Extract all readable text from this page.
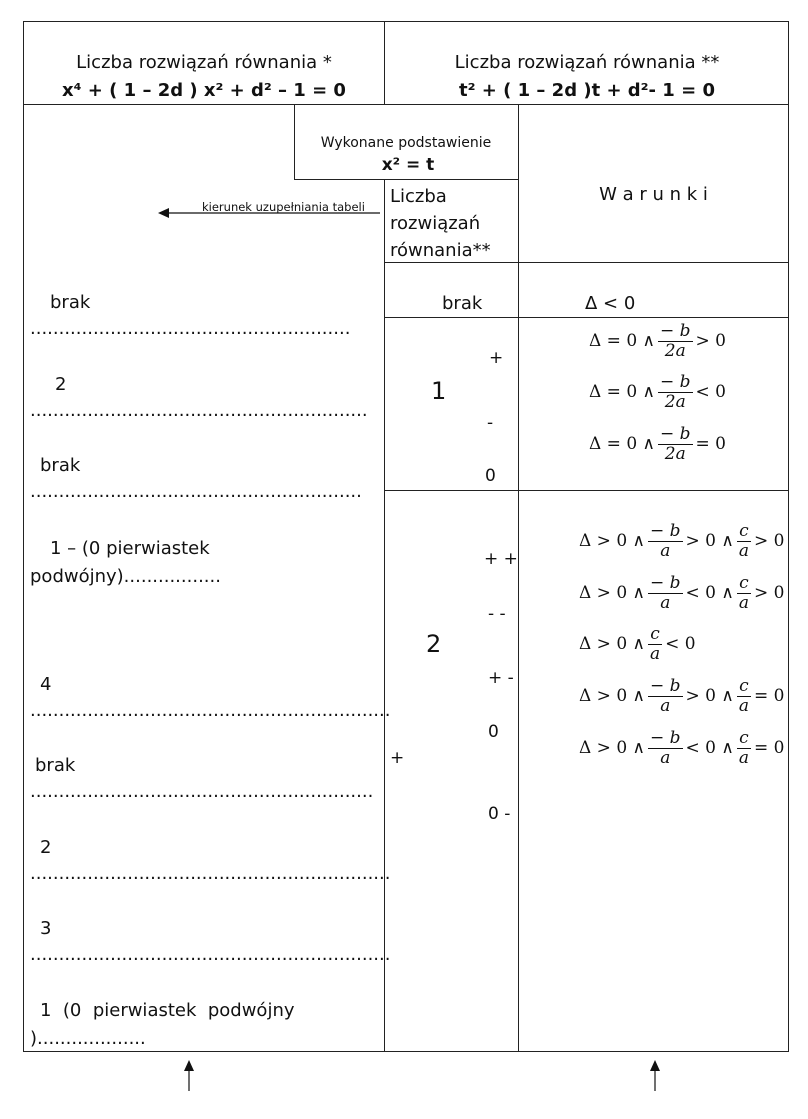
Liczba rozwiązań równania *
x⁴ + ( 1 – 2d ) x² + d² – 1 = 0
Liczba rozwiązań równania **
t² + ( 1 – 2d )t + d²- 1 = 0
Wykonane podstawienie
x² = t
kierunek uzupełniania tabeli Liczba
rozwiązań
równania**
W a r u n k i
brak
........................................................
2
...........................................................
brak
..........................................................
1 – (0 pierwiastek
podwójny).................
4
...............................................................
brak
............................................................
2
...............................................................
3
...............................................................
1  (0  pierwiastek  podwójny
)...................
brak	Δ < 0
1
+
-
0
Δ = 0 ∧ $\frac{- b}{2a} > 0$
Δ = 0 ∧ $\frac{- b}{2a} < 0$
Δ = 0 ∧ $\frac{- b}{2a} = 0$
2
+ +
- -
+ -
0
0 -
+
Δ > 0 ∧ $\frac{- b}{a} > 0$ ∧ $\frac{c}{a} > 0$
Δ > 0 ∧ $\frac{- b}{a} < 0$ ∧ $\frac{c}{a} > 0$
Δ > 0 ∧ $\frac{c}{a} < 0$
Δ > 0 ∧ $\frac{- b}{a} > 0$ ∧ $\frac{c}{a} = 0$
Δ > 0 ∧ $\frac{- b}{a} < 0$ ∧ $\frac{c}{a} = 0$
